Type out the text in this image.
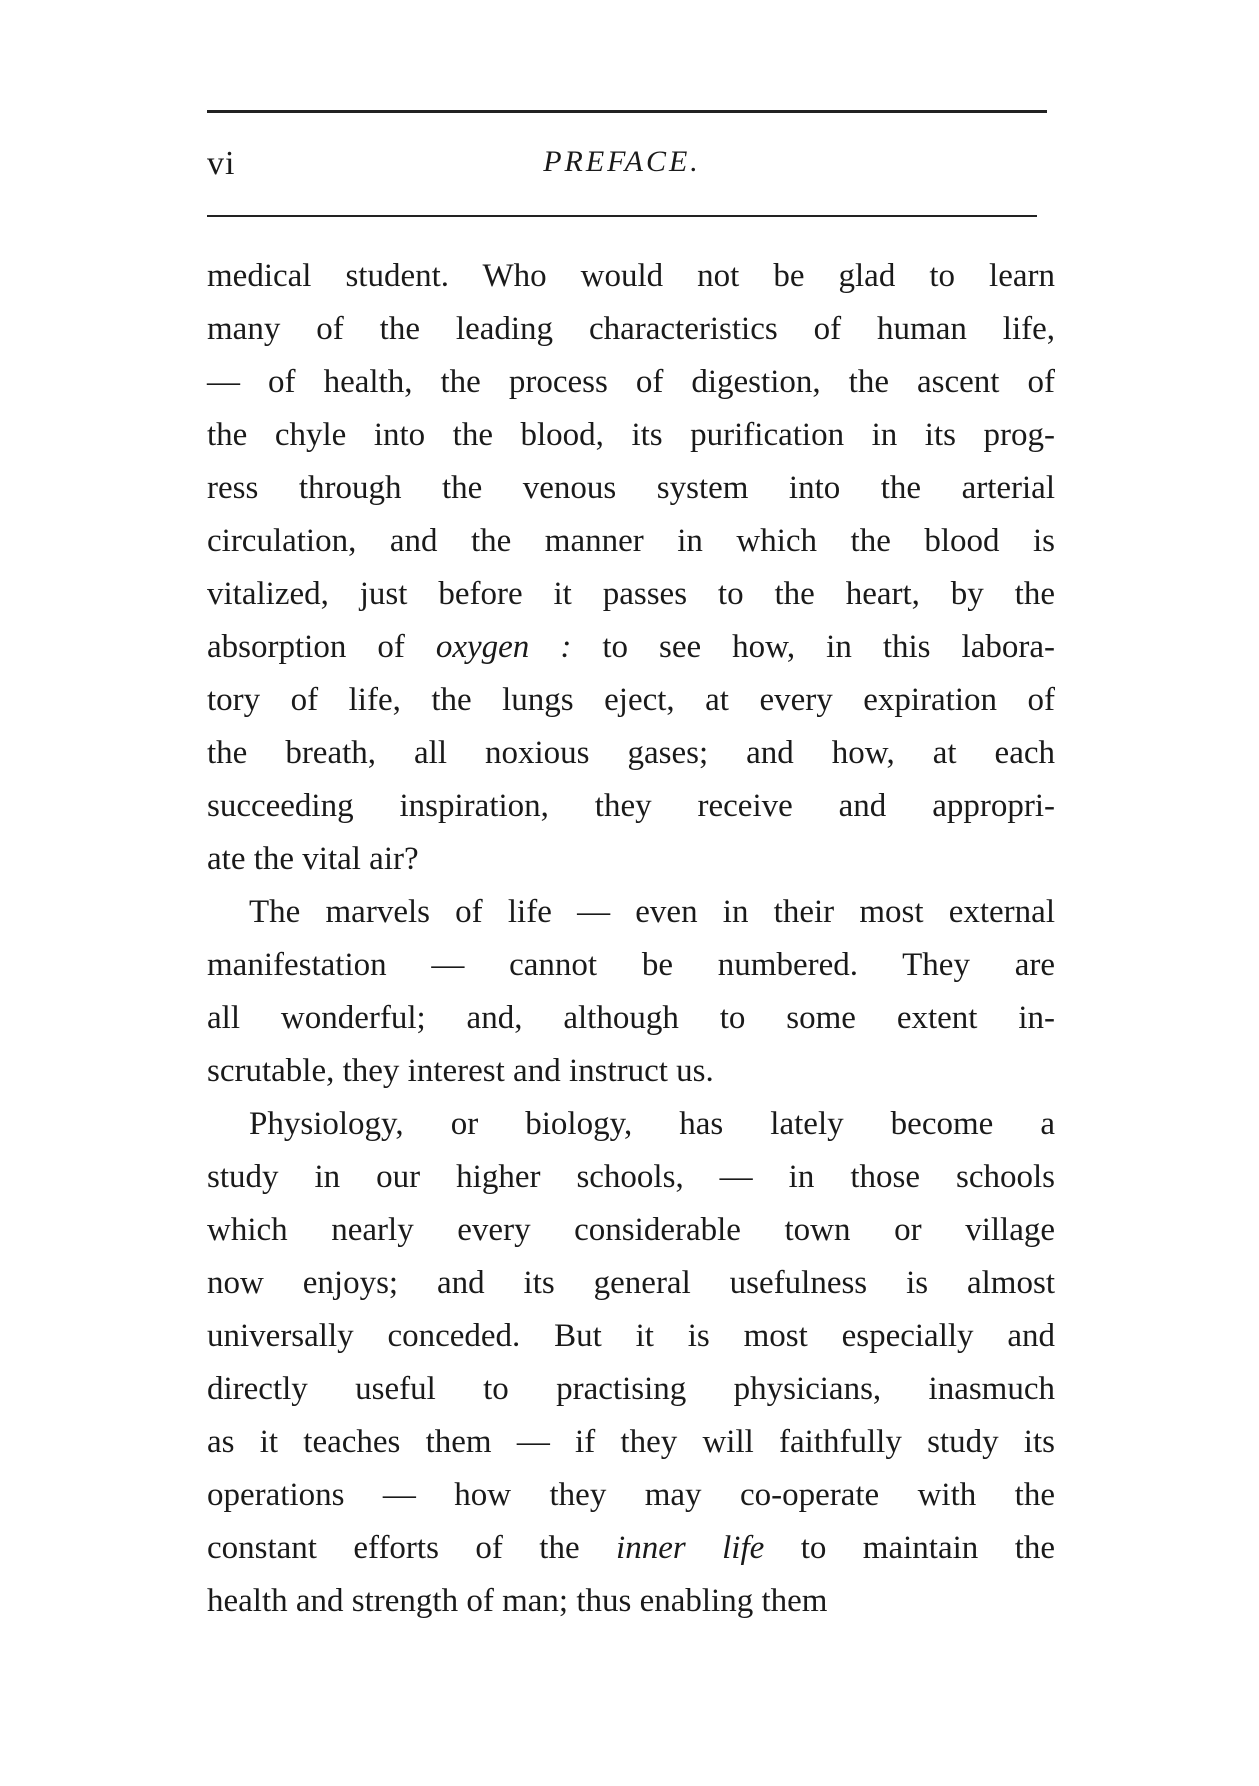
vi	PREFACE.
medical student. Who would not be glad to learn
many of the leading characteristics of human life,
— of health, the process of digestion, the ascent of
the chyle into the blood, its purification in its prog-
ress through the venous system into the arterial
circulation, and the manner in which the blood is
vitalized, just before it passes to the heart, by the
absorption of oxygen : to see how, in this labora-
tory of life, the lungs eject, at every expiration of
the breath, all noxious gases; and how, at each
succeeding inspiration, they receive and appropri-
ate the vital air?
The marvels of life — even in their most external
manifestation — cannot be numbered. They are
all wonderful; and, although to some extent in-
scrutable, they interest and instruct us.
Physiology, or biology, has lately become a
study in our higher schools, — in those schools
which nearly every considerable town or village
now enjoys; and its general usefulness is almost
universally conceded. But it is most especially and
directly useful to practising physicians, inasmuch
as it teaches them — if they will faithfully study its
operations — how they may co-operate with the
constant efforts of the inner life to maintain the
health and strength of man; thus enabling them
